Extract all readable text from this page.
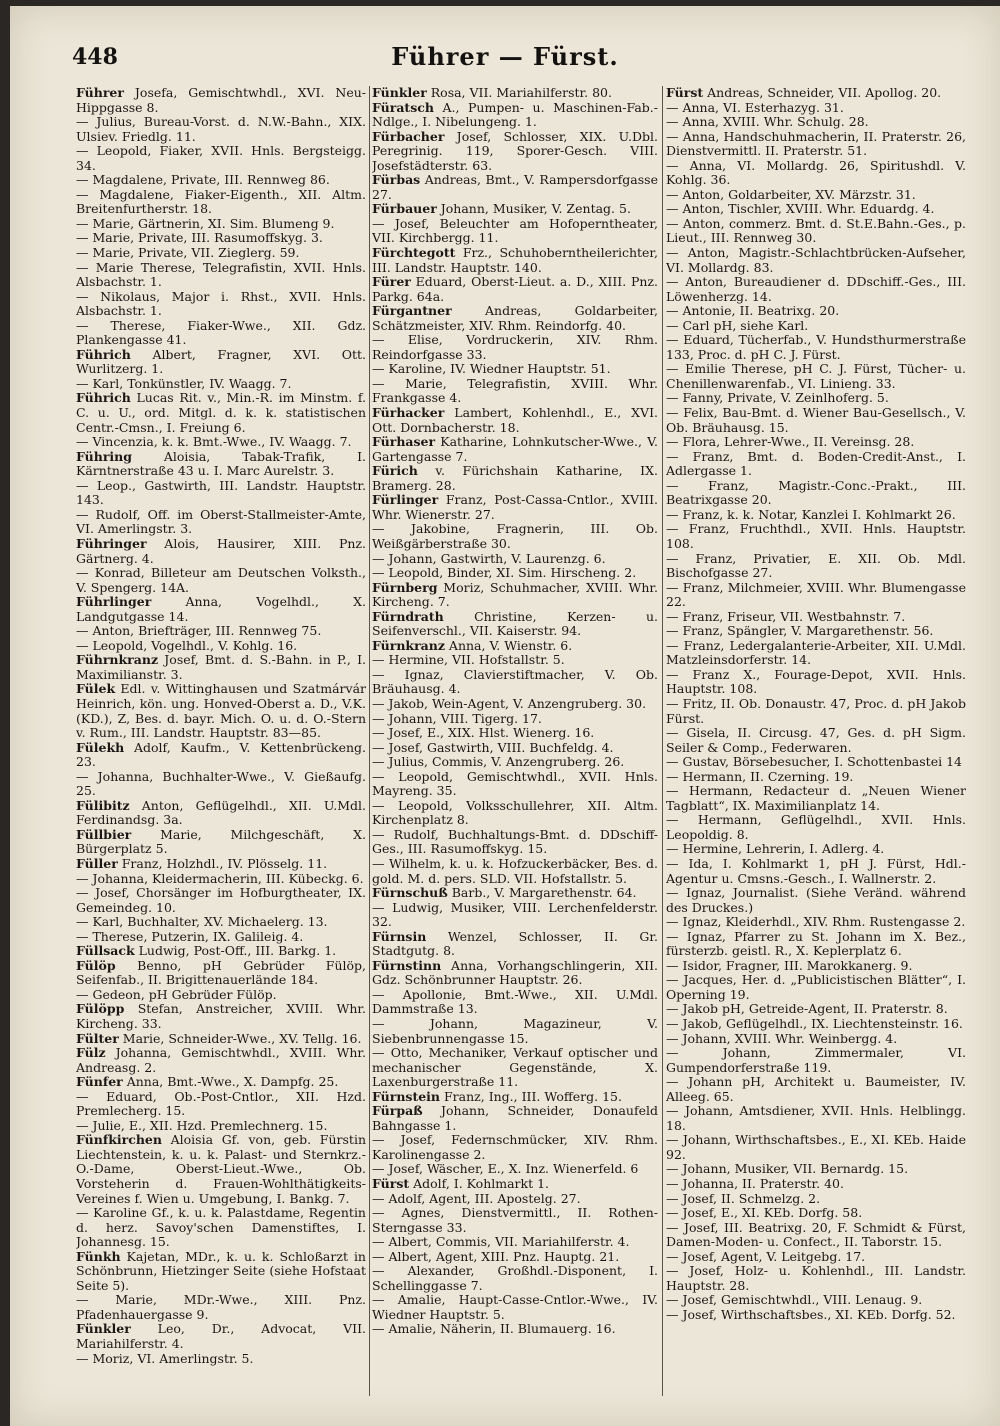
448	Führer — Fürst.
Führer Josefa, Gemischtwhdl., XVI. Neu-Hippgasse 8.
— Julius, Bureau-Vorst. d. N.W.-Bahn., XIX. Ulsiev. Friedlg. 11.
— Leopold, Fiaker, XVII. Hnls. Bergsteigg. 34.
— Magdalene, Private, III. Rennweg 86.
— Magdalene, Fiaker-Eigenth., XII. Altm. Breitenfurtherstr. 18.
— Marie, Gärtnerin, XI. Sim. Blumeng 9.
— Marie, Private, III. Rasumoffskyg. 3.
— Marie, Private, VII. Zieglerg. 59.
— Marie Therese, Telegrafistin, XVII. Hnls. Alsbachstr. 1.
— Nikolaus, Major i. Rhst., XVII. Hnls. Alsbachstr. 1.
— Therese, Fiaker-Wwe., XII. Gdz. Plankengasse 41.
Führich Albert, Fragner, XVI. Ott. Wurlitzerg. 1.
— Karl, Tonkünstler, IV. Waagg. 7.
Führich Lucas Rit. v., Min.-R. im Minstm. f. C. u. U., ord. Mitgl. d. k. k. statistischen Centr.-Cmsn., I. Freiung 6.
— Vincenzia, k. k. Bmt.-Wwe., IV. Waagg. 7.
Führing Aloisia, Tabak-Trafik, I. Kärntnerstraße 43 u. I. Marc Aurelstr. 3.
— Leop., Gastwirth, III. Landstr. Hauptstr. 143.
— Rudolf, Off. im Oberst-Stallmeister-Amte, VI. Amerlingstr. 3.
Führinger Alois, Hausirer, XIII. Pnz. Gärtnerg. 4.
— Konrad, Billeteur am Deutschen Volksth., V. Spengerg. 14A.
Führlinger Anna, Vogelhdl., X. Landgutgasse 14.
— Anton, Briefträger, III. Rennweg 75.
— Leopold, Vogelhdl., V. Kohlg. 16.
Führnkranz Josef, Bmt. d. S.-Bahn. in P., I. Maximilianstr. 3.
Fülek Edl. v. Wittinghausen und Szatmárvár Heinrich, kön. ung. Honved-Oberst a. D., V.K. (KD.), Z, Bes. d. bayr. Mich. O. u. d. O.-Stern v. Rum., III. Landstr. Hauptstr. 83—85.
Fülekh Adolf, Kaufm., V. Kettenbrückeng. 23.
— Johanna, Buchhalter-Wwe., V. Gießaufg. 25.
Fülibitz Anton, Geflügelhdl., XII. U.Mdl. Ferdinandsg. 3a.
Füllbier Marie, Milchgeschäft, X. Bürgerplatz 5.
Füller Franz, Holzhdl., IV. Plösselg. 11.
— Johanna, Kleidermacherin, III. Kübeckg. 6.
— Josef, Chorsänger im Hofburgtheater, IX. Gemeindeg. 10.
— Karl, Buchhalter, XV. Michaelerg. 13.
— Therese, Putzerin, IX. Galileig. 4.
Füllsack Ludwig, Post-Off., III. Barkg. 1.
Fülöp Benno, pH Gebrüder Fülöp, Seifenfab., II. Brigittenauerlände 184.
— Gedeon, pH Gebrüder Fülöp.
Fülöpp Stefan, Anstreicher, XVIII. Whr. Kircheng. 33.
Fülter Marie, Schneider-Wwe., XV. Tellg. 16.
Fülz Johanna, Gemischtwhdl., XVIII. Whr. Andreasg. 2.
Fünfer Anna, Bmt.-Wwe., X. Dampfg. 25.
— Eduard, Ob.-Post-Cntlor., XII. Hzd. Premlecherg. 15.
— Julie, E., XII. Hzd. Premlechnerg. 15.
Fünfkirchen Aloisia Gf. von, geb. Fürstin Liechtenstein, k. u. k. Palast- und Sternkrz.-O.-Dame, Oberst-Lieut.-Wwe., Ob. Vorsteherin d. Frauen-Wohlthätigkeits-Vereines f. Wien u. Umgebung, I. Bankg. 7.
— Karoline Gf., k. u. k. Palastdame, Regentin d. herz. Savoy'schen Damenstiftes, I. Johannesg. 15.
Fünkh Kajetan, MDr., k. u. k. Schloßarzt in Schönbrunn, Hietzinger Seite (siehe Hofstaat Seite 5).
— Marie, MDr.-Wwe., XIII. Pnz. Pfadenhauergasse 9.
Fünkler Leo, Dr., Advocat, VII. Mariahilferstr. 4.
— Moriz, VI. Amerlingstr. 5.
Fünkler Rosa, VII. Mariahilferstr. 80.
Füratsch A., Pumpen- u. Maschinen-Fab.-Ndlge., I. Nibelungeng. 1.
Fürbacher Josef, Schlosser, XIX. U.Dbl. Peregrinig. 119, Sporer-Gesch. VIII. Josefstädterstr. 63.
Fürbas Andreas, Bmt., V. Rampersdorfgasse 27.
Fürbauer Johann, Musiker, V. Zentag. 5.
— Josef, Beleuchter am Hofoperntheater, VII. Kirchbergg. 11.
Fürchtegott Frz., Schuhoberntheilerichter, III. Landstr. Hauptstr. 140.
Fürer Eduard, Oberst-Lieut. a. D., XIII. Pnz. Parkg. 64a.
Fürgantner Andreas, Goldarbeiter, Schätzmeister, XIV. Rhm. Reindorfg. 40.
— Elise, Vordruckerin, XIV. Rhm. Reindorfgasse 33.
— Karoline, IV. Wiedner Hauptstr. 51.
— Marie, Telegrafistin, XVIII. Whr. Frankgasse 4.
Fürhacker Lambert, Kohlenhdl., E., XVI. Ott. Dornbacherstr. 18.
Fürhaser Katharine, Lohnkutscher-Wwe., V. Gartengasse 7.
Fürich v. Fürichshain Katharine, IX. Bramerg. 28.
Fürlinger Franz, Post-Cassa-Cntlor., XVIII. Whr. Wienerstr. 27.
— Jakobine, Fragnerin, III. Ob. Weißgärberstraße 30.
— Johann, Gastwirth, V. Laurenzg. 6.
— Leopold, Binder, XI. Sim. Hirscheng. 2.
Fürnberg Moriz, Schuhmacher, XVIII. Whr. Kircheng. 7.
Fürndrath Christine, Kerzen- u. Seifenverschl., VII. Kaiserstr. 94.
Fürnkranz Anna, V. Wienstr. 6.
— Hermine, VII. Hofstallstr. 5.
— Ignaz, Clavierstiftmacher, V. Ob. Bräuhausg. 4.
— Jakob, Wein-Agent, V. Anzengruberg. 30.
— Johann, VIII. Tigerg. 17.
— Josef, E., XIX. Hlst. Wienerg. 16.
— Josef, Gastwirth, VIII. Buchfeldg. 4.
— Julius, Commis, V. Anzengruberg. 26.
— Leopold, Gemischtwhdl., XVII. Hnls. Mayreng. 35.
— Leopold, Volksschullehrer, XII. Altm. Kirchenplatz 8.
— Rudolf, Buchhaltungs-Bmt. d. DDschiff-Ges., III. Rasumoffskyg. 15.
— Wilhelm, k. u. k. Hofzuckerbäcker, Bes. d. gold. M. d. pers. SLD. VII. Hofstallstr. 5.
Fürnschuß Barb., V. Margarethenstr. 64.
— Ludwig, Musiker, VIII. Lerchenfelderstr. 32.
Fürnsin Wenzel, Schlosser, II. Gr. Stadtgutg. 8.
Fürnstinn Anna, Vorhangschlingerin, XII. Gdz. Schönbrunner Hauptstr. 26.
— Apollonie, Bmt.-Wwe., XII. U.Mdl. Dammstraße 13.
— Johann, Magazineur, V. Siebenbrunnengasse 15.
— Otto, Mechaniker, Verkauf optischer und mechanischer Gegenstände, X. Laxenburgerstraße 11.
Fürnstein Franz, Ing., III. Wofferg. 15.
Fürpaß Johann, Schneider, Donaufeld Bahngasse 1.
— Josef, Federnschmücker, XIV. Rhm. Karolinengasse 2.
— Josef, Wäscher, E., X. Inz. Wienerfeld. 6
Fürst Adolf, I. Kohlmarkt 1.
— Adolf, Agent, III. Apostelg. 27.
— Agnes, Dienstvermittl., II. Rothen-Sterngasse 33.
— Albert, Commis, VII. Mariahilferstr. 4.
— Albert, Agent, XIII. Pnz. Hauptg. 21.
— Alexander, Großhdl.-Disponent, I. Schellinggasse 7.
— Amalie, Haupt-Casse-Cntlor.-Wwe., IV. Wiedner Hauptstr. 5.
— Amalie, Näherin, II. Blumauerg. 16.
Fürst Andreas, Schneider, VII. Apollog. 20.
— Anna, VI. Esterhazyg. 31.
— Anna, XVIII. Whr. Schulg. 28.
— Anna, Handschuhmacherin, II. Praterstr. 26, Dienstvermittl. II. Praterstr. 51.
— Anna, VI. Mollardg. 26, Spiritushdl. V. Kohlg. 36.
— Anton, Goldarbeiter, XV. Märzstr. 31.
— Anton, Tischler, XVIII. Whr. Eduardg. 4.
— Anton, commerz. Bmt. d. St.E.Bahn.-Ges., p. Lieut., III. Rennweg 30.
— Anton, Magistr.-Schlachtbrücken-Aufseher, VI. Mollardg. 83.
— Anton, Bureaudiener d. DDschiff.-Ges., III. Löwenherzg. 14.
— Antonie, II. Beatrixg. 20.
— Carl pH, siehe Karl.
— Eduard, Tücherfab., V. Hundsthurmerstraße 133, Proc. d. pH C. J. Fürst.
— Emilie Therese, pH C. J. Fürst, Tücher- u. Chenillenwarenfab., VI. Linieng. 33.
— Fanny, Private, V. Zeinlhoferg. 5.
— Felix, Bau-Bmt. d. Wiener Bau-Gesellsch., V. Ob. Bräuhausg. 15.
— Flora, Lehrer-Wwe., II. Vereinsg. 28.
— Franz, Bmt. d. Boden-Credit-Anst., I. Adlergasse 1.
— Franz, Magistr.-Conc.-Prakt., III. Beatrixgasse 20.
— Franz, k. k. Notar, Kanzlei I. Kohlmarkt 26.
— Franz, Fruchthdl., XVII. Hnls. Hauptstr. 108.
— Franz, Privatier, E. XII. Ob. Mdl. Bischofgasse 27.
— Franz, Milchmeier, XVIII. Whr. Blumengasse 22.
— Franz, Friseur, VII. Westbahnstr. 7.
— Franz, Spängler, V. Margarethenstr. 56.
— Franz, Ledergalanterie-Arbeiter, XII. U.Mdl. Matzleinsdorferstr. 14.
— Franz X., Fourage-Depot, XVII. Hnls. Hauptstr. 108.
— Fritz, II. Ob. Donaustr. 47, Proc. d. pH Jakob Fürst.
— Gisela, II. Circusg. 47, Ges. d. pH Sigm. Seiler & Comp., Federwaren.
— Gustav, Börsebesucher, I. Schottenbastei 14
— Hermann, II. Czerning. 19.
— Hermann, Redacteur d. „Neuen Wiener Tagblatt“, IX. Maximilianplatz 14.
— Hermann, Geflügelhdl., XVII. Hnls. Leopoldig. 8.
— Hermine, Lehrerin, I. Adlerg. 4.
— Ida, I. Kohlmarkt 1, pH J. Fürst, Hdl.-Agentur u. Cmsns.-Gesch., I. Wallnerstr. 2.
— Ignaz, Journalist. (Siehe Veränd. während des Druckes.)
— Ignaz, Kleiderhdl., XIV. Rhm. Rustengasse 2.
— Ignaz, Pfarrer zu St. Johann im X. Bez., fürsterzb. geistl. R., X. Keplerplatz 6.
— Isidor, Fragner, III. Marokkanerg. 9.
— Jacques, Her. d. „Publicistischen Blätter“, I. Operning 19.
— Jakob pH, Getreide-Agent, II. Praterstr. 8.
— Jakob, Geflügelhdl., IX. Liechtensteinstr. 16.
— Johann, XVIII. Whr. Weinbergg. 4.
— Johann, Zimmermaler, VI. Gumpendorferstraße 119.
— Johann pH, Architekt u. Baumeister, IV. Alleeg. 65.
— Johann, Amtsdiener, XVII. Hnls. Helblingg. 18.
— Johann, Wirthschaftsbes., E., XI. KEb. Haide 92.
— Johann, Musiker, VII. Bernardg. 15.
— Johanna, II. Praterstr. 40.
— Josef, II. Schmelzg. 2.
— Josef, E., XI. KEb. Dorfg. 58.
— Josef, III. Beatrixg. 20, F. Schmidt & Fürst, Damen-Moden- u. Confect., II. Taborstr. 15.
— Josef, Agent, V. Leitgebg. 17.
— Josef, Holz- u. Kohlenhdl., III. Landstr. Hauptstr. 28.
— Josef, Gemischtwhdl., VIII. Lenaug. 9.
— Josef, Wirthschaftsbes., XI. KEb. Dorfg. 52.
